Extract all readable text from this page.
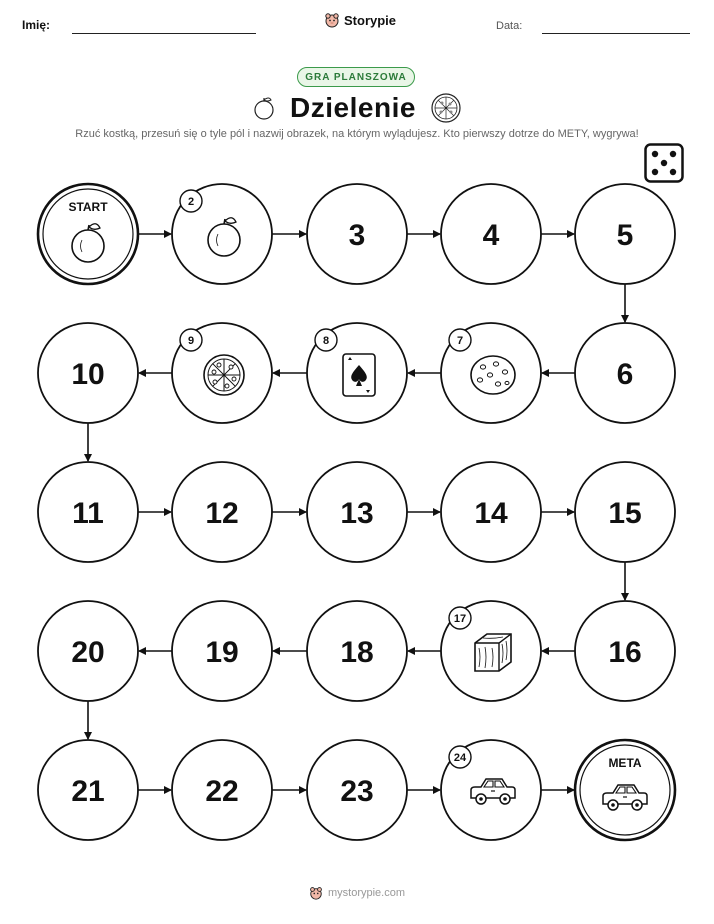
Imię:	Storypie	Data:
GRA PLANSZOWA
Dzielenie
Rzuć kostką, przesuń się o tyle pól i nazwij obrazek, na którym wylądujesz. Kto pierwszy dotrze do METY, wygrywa!
START	2
3	4	5
6
7
8
9
10
11	12	13	14	15
16
17
18
19
20
21	22	23
24	META
mystorypie.com
